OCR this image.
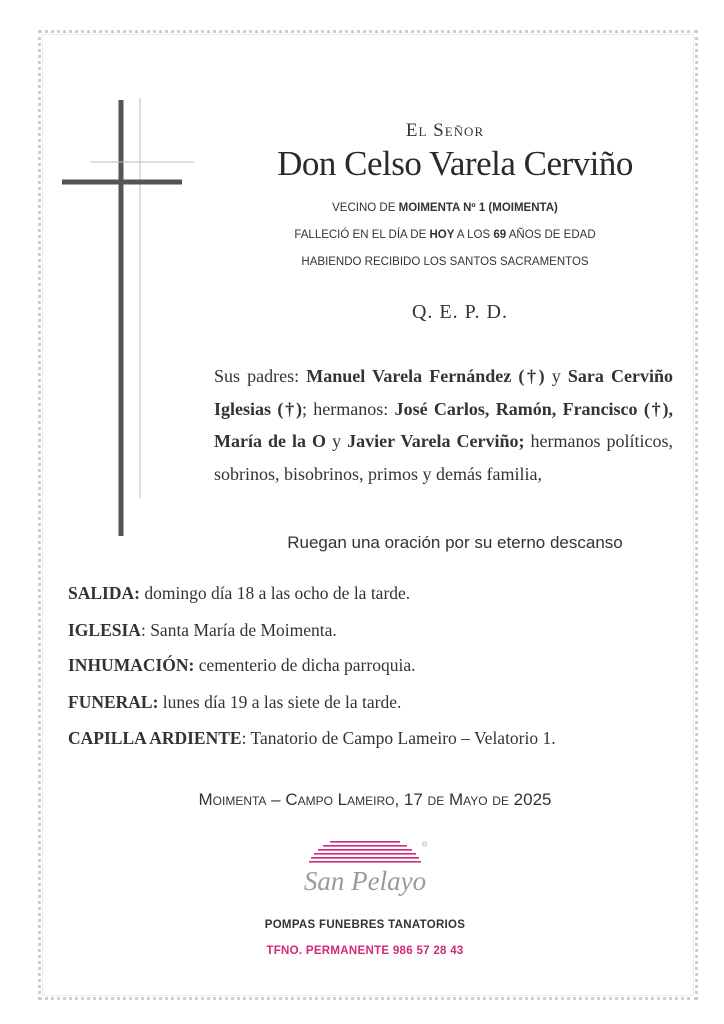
El Señor
Don Celso Varela Cerviño
VECINO DE MOIMENTA Nº 1 (MOIMENTA)
FALLECIÓ EN EL DÍA DE HOY A LOS 69 AÑOS DE EDAD
HABIENDO RECIBIDO LOS SANTOS SACRAMENTOS
Q. E. P. D.
Sus padres: Manuel Varela Fernández (†) y Sara Cerviño Iglesias (†); hermanos: José Carlos, Ramón, Francisco (†), María de la O y Javier Varela Cerviño; hermanos políticos, sobrinos, bisobrinos, primos y demás familia,
Ruegan una oración por su eterno descanso
SALIDA: domingo día 18 a las ocho de la tarde.
IGLESIA: Santa María de Moimenta.
INHUMACIÓN: cementerio de dicha parroquia.
FUNERAL: lunes día 19 a las siete de la tarde.
CAPILLA ARDIENTE: Tanatorio de Campo Lameiro – Velatorio 1.
Moimenta – Campo Lameiro, 17 de Mayo de 2025
San Pelayo
®
POMPAS FUNEBRES TANATORIOS
TFNO. PERMANENTE 986 57 28 43
